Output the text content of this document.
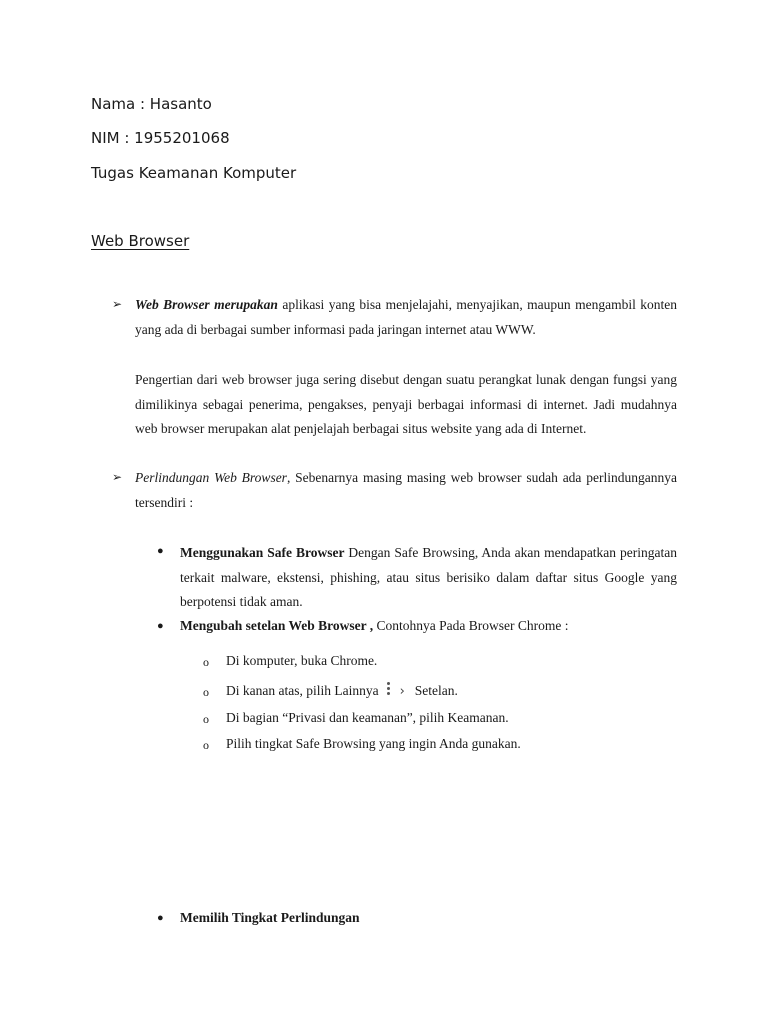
Nama : Hasanto
NIM : 1955201068
Tugas Keamanan Komputer
Web Browser
➢ Web Browser merupakan aplikasi yang bisa menjelajahi, menyajikan, maupun mengambil konten yang ada di berbagai sumber informasi pada jaringan internet atau WWW.
Pengertian dari web browser juga sering disebut dengan suatu perangkat lunak dengan fungsi yang dimilikinya sebagai penerima, pengakses, penyaji berbagai informasi di internet. Jadi mudahnya web browser merupakan alat penjelajah berbagai situs website yang ada di Internet.
➢ Perlindungan Web Browser, Sebenarnya masing masing web browser sudah ada perlindungannya tersendiri :
● Menggunakan Safe Browser Dengan Safe Browsing, Anda akan mendapatkan peringatan terkait malware, ekstensi, phishing, atau situs berisiko dalam daftar situs Google yang berpotensi tidak aman.
● Mengubah setelan Web Browser , Contohnya Pada Browser Chrome :
o Di komputer, buka Chrome.
o Di kanan atas, pilih Lainnya › Setelan.
o Di bagian “Privasi dan keamanan”, pilih Keamanan.
o Pilih tingkat Safe Browsing yang ingin Anda gunakan.
● Memilih Tingkat Perlindungan
